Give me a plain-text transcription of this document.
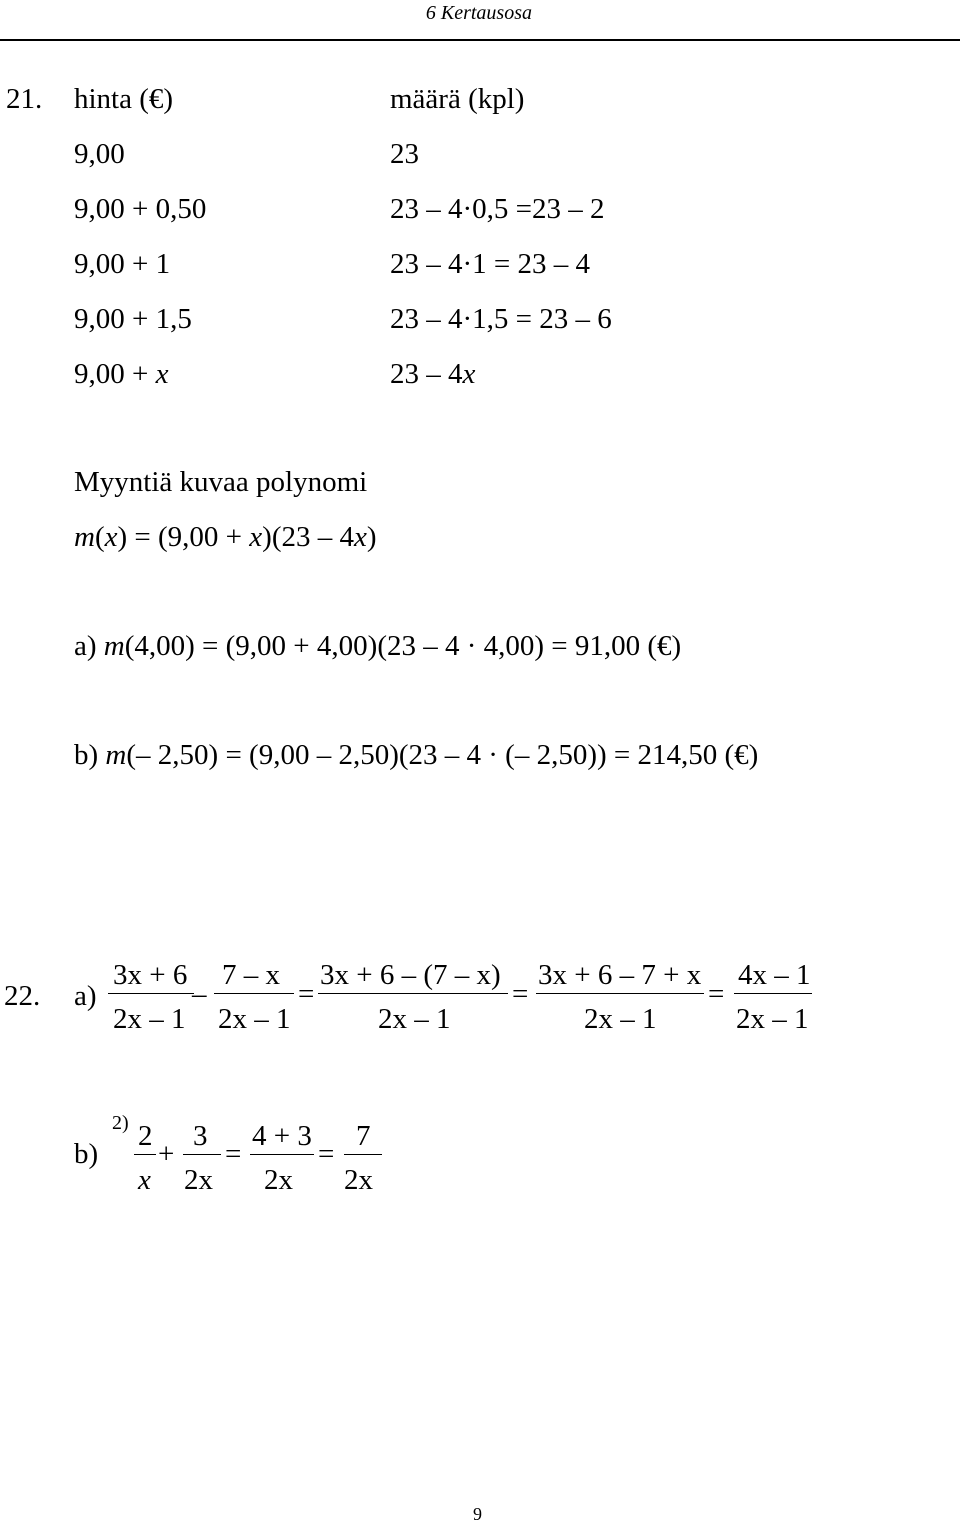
6 Kertausosa
21. hinta (€)	määrä (kpl)
9,00	23
9,00 + 0,50	23 – 4·0,5 =23 – 2
9,00 + 1	23 – 4·1 = 23 – 4
9,00 + 1,5	23 – 4·1,5 = 23 – 6
9,00 + x	23 – 4x
Myyntiä kuvaa polynomi
m(x) = (9,00 + x)(23 – 4x)
a) m(4,00) = (9,00 + 4,00)(23 – 4 · 4,00) = 91,00 (€)
b) m(– 2,50) = (9,00 – 2,50)(23 – 4 · (– 2,50)) = 214,50 (€)
22. a)
3x + 6
2x – 1
–
7 – x
2x – 1
=
3x + 6 – (7 – x)
2x – 1
=
3x + 6 – 7 + x
2x – 1
=
4x – 1
2x – 1
2)
b)
2
x
+
3
2x
=
4 + 3
2x
=
7
2x
9
